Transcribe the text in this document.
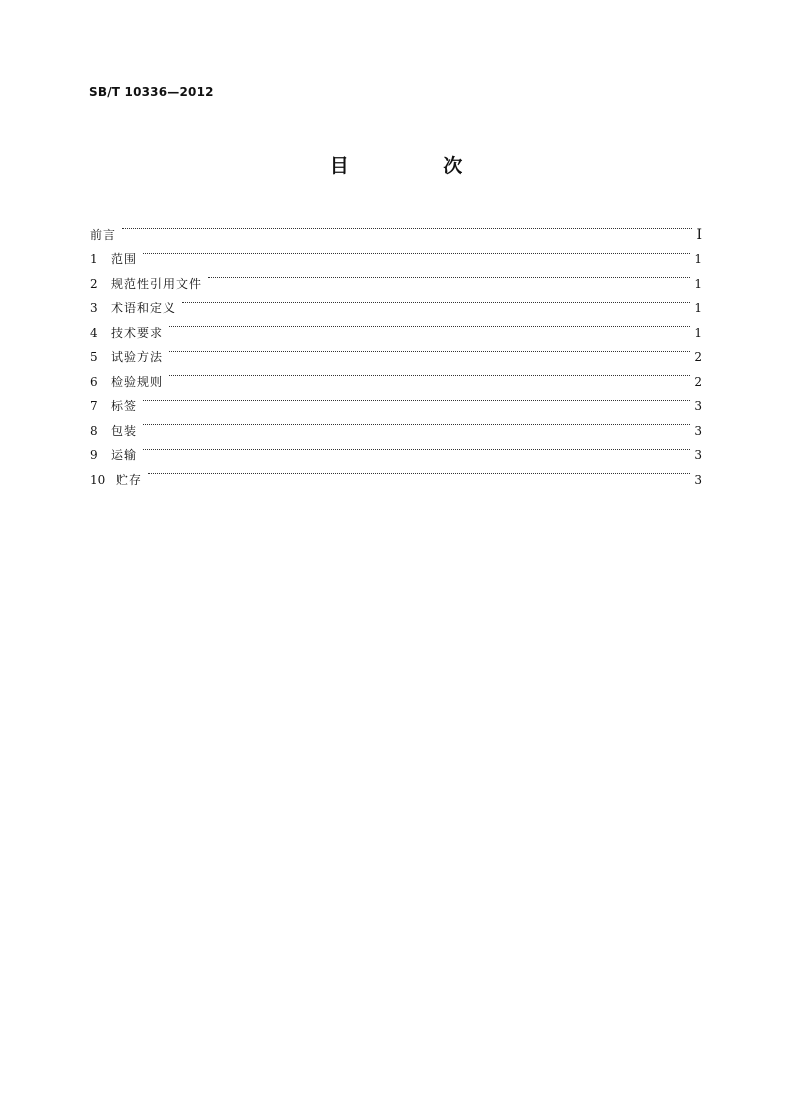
SB/T 10336—2012
目 次
前言	I
1	范围	1
2	规范性引用文件	1
3	术语和定义	1
4	技术要求	1
5	试验方法	2
6	检验规则	2
7	标签	3
8	包装	3
9	运输	3
10 贮存	3
